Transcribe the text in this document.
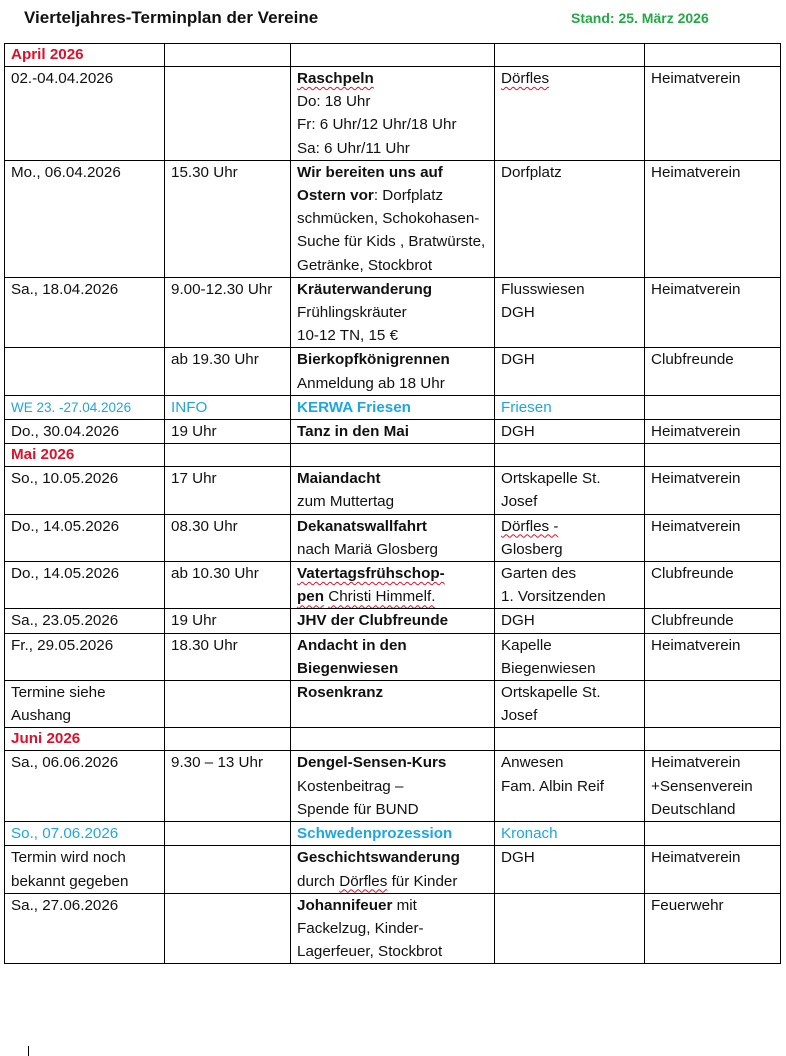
Vierteljahres-Terminplan der Vereine	Stand: 25. März 2026
April 2026				
02.-04.04.2026		Raschpeln
Do: 18 Uhr
Fr: 6 Uhr/12 Uhr/18 Uhr
Sa: 6 Uhr/11 Uhr	Dörfles	Heimatverein
Mo., 06.04.2026	15.30 Uhr	Wir bereiten uns auf Ostern vor: Dorfplatz schmücken, Schokohasen-Suche für Kids , Bratwürste, Getränke, Stockbrot	Dorfplatz	Heimatverein
Sa., 18.04.2026	9.00-12.30 Uhr	Kräuterwanderung
Frühlingskräuter
10-12 TN, 15 €	Flusswiesen
DGH	Heimatverein
	ab 19.30 Uhr	Bierkopfkönigrennen
Anmeldung ab 18 Uhr	DGH	Clubfreunde
WE 23. -27.04.2026	INFO	KERWA Friesen	Friesen	
Do., 30.04.2026	19 Uhr	Tanz in den Mai	DGH	Heimatverein
Mai 2026				
So., 10.05.2026	17 Uhr	Maiandacht
zum Muttertag	Ortskapelle St. Josef	Heimatverein
Do., 14.05.2026	08.30 Uhr	Dekanatswallfahrt
nach Mariä Glosberg	Dörfles -
Glosberg	Heimatverein
Do., 14.05.2026	ab 10.30 Uhr	Vatertagsfrühschop-
pen Christi Himmelf.	Garten des
1. Vorsitzenden	Clubfreunde
Sa., 23.05.2026	19 Uhr	JHV der Clubfreunde	DGH	Clubfreunde
Fr., 29.05.2026	18.30 Uhr	Andacht in den Biegenwiesen	Kapelle
Biegenwiesen	Heimatverein
Termine siehe Aushang		Rosenkranz	Ortskapelle St. Josef	
Juni 2026				
Sa., 06.06.2026	9.30 – 13 Uhr	Dengel-Sensen-Kurs
Kostenbeitrag –
Spende für BUND	Anwesen
Fam. Albin Reif	Heimatverein
+Sensenverein Deutschland
So., 07.06.2026		Schwedenprozession	Kronach	
Termin wird noch bekannt gegeben		Geschichtswanderung
durch Dörfles für Kinder	DGH	Heimatverein
Sa., 27.06.2026		Johannifeuer mit Fackelzug, Kinder-Lagerfeuer, Stockbrot		Feuerwehr
